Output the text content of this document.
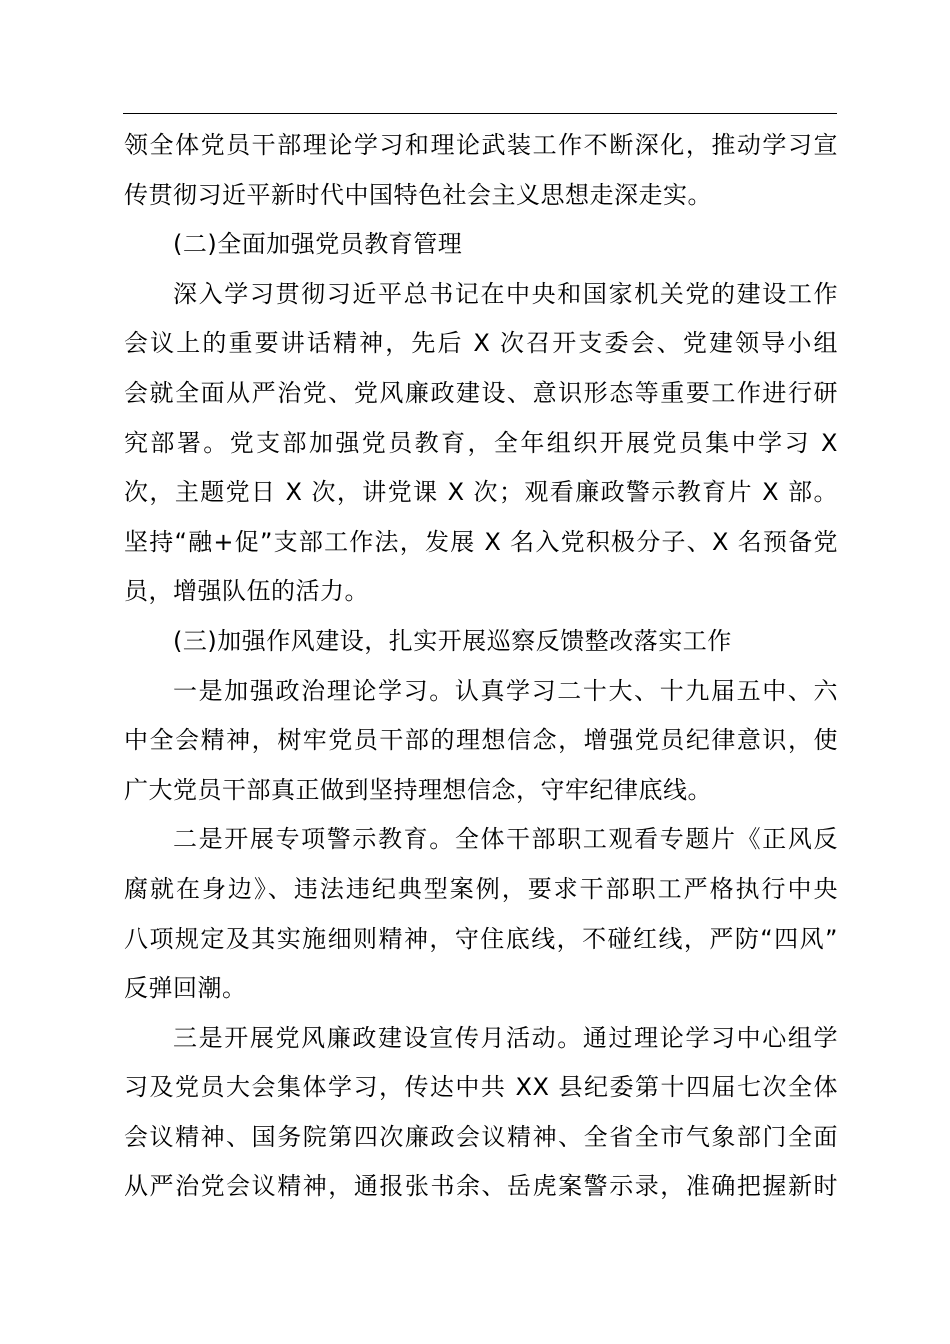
领全体党员干部理论学习和理论武装工作不断深化，推动学习宣
传贯彻习近平新时代中国特色社会主义思想走深走实。
(二)全面加强党员教育管理
深入学习贯彻习近平总书记在中央和国家机关党的建设工作
会议上的重要讲话精神，先后 X 次召开支委会、党建领导小组
会就全面从严治党、党风廉政建设、意识形态等重要工作进行研
究部署。党支部加强党员教育，全年组织开展党员集中学习 X
次，主题党日 X 次，讲党课 X 次；观看廉政警示教育片 X 部。
坚持“融+促”支部工作法，发展 X 名入党积极分子、X 名预备党
员，增强队伍的活力。
(三)加强作风建设，扎实开展巡察反馈整改落实工作
一是加强政治理论学习。认真学习二十大、十九届五中、六
中全会精神，树牢党员干部的理想信念，增强党员纪律意识，使
广大党员干部真正做到坚持理想信念，守牢纪律底线。
二是开展专项警示教育。全体干部职工观看专题片《正风反
腐就在身边》、违法违纪典型案例，要求干部职工严格执行中央
八项规定及其实施细则精神，守住底线，不碰红线，严防“四风”
反弹回潮。
三是开展党风廉政建设宣传月活动。通过理论学习中心组学
习及党员大会集体学习，传达中共 XX 县纪委第十四届七次全体
会议精神、国务院第四次廉政会议精神、全省全市气象部门全面
从严治党会议精神，通报张书余、岳虎案警示录，准确把握新时
